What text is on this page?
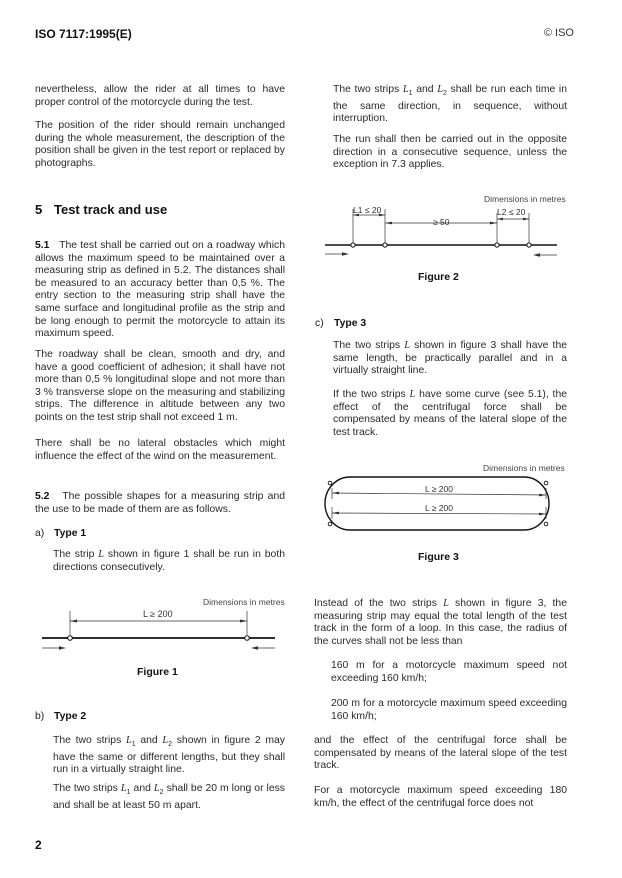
ISO 7117:1995(E)	© ISO

nevertheless, allow the rider at all times to have proper control of the motorcycle during the test.

The position of the rider should remain unchanged during the whole measurement, the description of the position shall be given in the test report or replaced by photographs.

5 Test track and use
5.1 The test shall be carried out on a roadway which allows the maximum speed to be maintained over a measuring strip as defined in 5.2. The distances shall be measured to an accuracy better than 0,5 %. The entry section to the measuring strip shall have the same surface and longitudinal profile as the strip and be long enough to permit the motorcycle to attain its maximum speed.
The roadway shall be clean, smooth and dry, and have a good coefficient of adhesion; it shall have not more than 0,5 % longitudinal slope and not more than 3 % transverse slope on the measuring and stabilizing strips. The difference in altitude between any two points on the test strip shall not exceed 1 m.
There shall be no lateral obstacles which might influence the effect of the wind on the measurement.
5.2 The possible shapes for a measuring strip and the use to be made of them are as follows.
a) Type 1
The strip L shown in figure 1 shall be run in both directions consecutively.
Dimensions in metres
L ≥ 200
Figure 1
b) Type 2
The two strips $L_1$ and $L_2$ shown in figure 2 may have the same or different lengths, but they shall run in a virtually straight line.
The two strips $L_1$ and $L_2$ shall be 20 m long or less and shall be at least 50 m apart.
2
The two strips $L_1$ and $L_2$ shall be run each time in the same direction, in sequence, without interruption.
The run shall then be carried out in the opposite direction in a consecutive sequence, unless the exception in 7.3 applies.
Dimensions in metres
L1 ≤ 20
≥ 50
L2 ≤ 20
Figure 2
c) Type 3
The two strips L shown in figure 3 shall have the same length, be practically parallel and in a virtually straight line.
If the two strips L have some curve (see 5.1), the effect of the centrifugal force shall be compensated by means of the lateral slope of the test track.
Dimensions in metres
L ≥ 200
L ≥ 200
Figure 3
Instead of the two strips L shown in figure 3, the measuring strip may equal the total length of the test track in the form of a loop. In this case, the radius of the curves shall not be less than
160 m for a motorcycle maximum speed not exceeding 160 km/h;
200 m for a motorcycle maximum speed exceeding 160 km/h;
and the effect of the centrifugal force shall be compensated by means of the lateral slope of the test track.
For a motorcycle maximum speed exceeding 180 km/h, the effect of the centrifugal force does not
